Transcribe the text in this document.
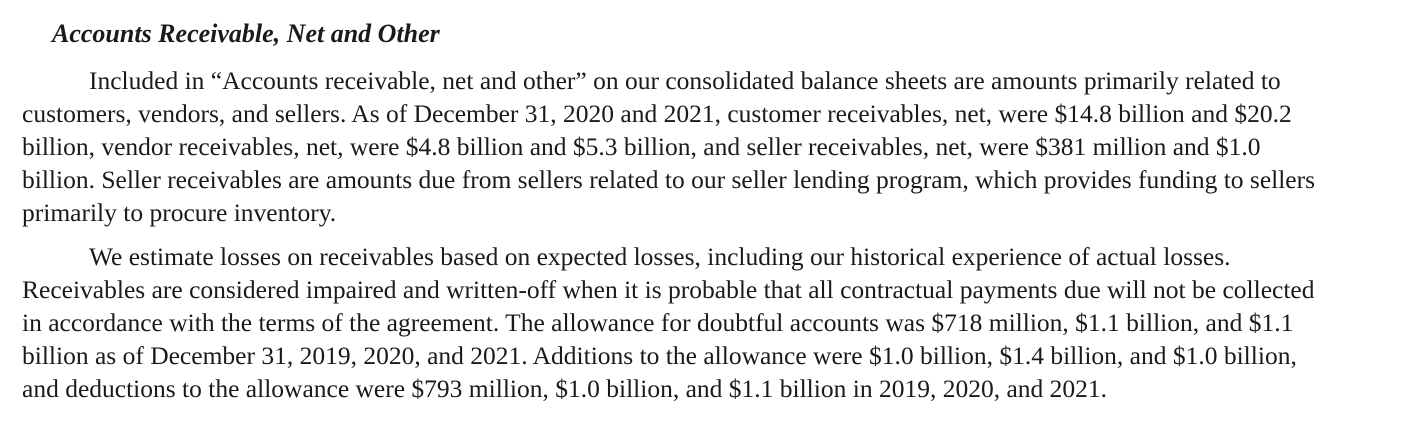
Accounts Receivable, Net and Other

Included in “Accounts receivable, net and other” on our consolidated balance sheets are amounts primarily related to
customers, vendors, and sellers. As of December 31, 2020 and 2021, customer receivables, net, were $14.8 billion and $20.2
billion, vendor receivables, net, were $4.8 billion and $5.3 billion, and seller receivables, net, were $381 million and $1.0
billion. Seller receivables are amounts due from sellers related to our seller lending program, which provides funding to sellers
primarily to procure inventory.

We estimate losses on receivables based on expected losses, including our historical experience of actual losses.
Receivables are considered impaired and written-off when it is probable that all contractual payments due will not be collected
in accordance with the terms of the agreement. The allowance for doubtful accounts was $718 million, $1.1 billion, and $1.1
billion as of December 31, 2019, 2020, and 2021. Additions to the allowance were $1.0 billion, $1.4 billion, and $1.0 billion,
and deductions to the allowance were $793 million, $1.0 billion, and $1.1 billion in 2019, 2020, and 2021.
